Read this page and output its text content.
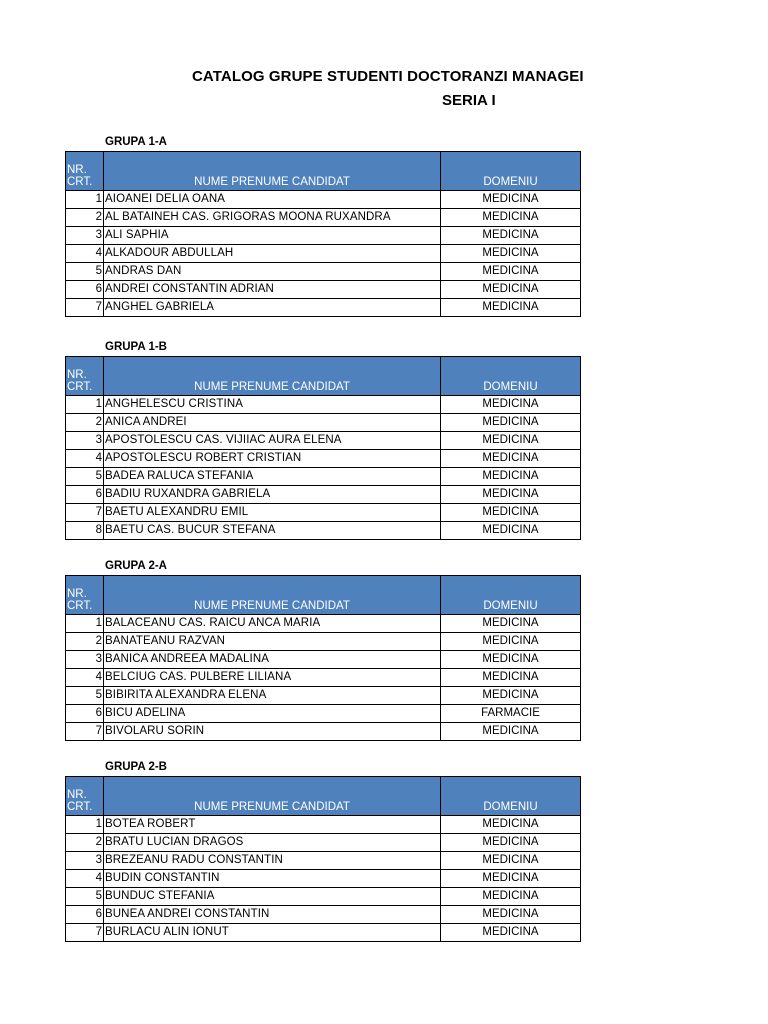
CATALOG GRUPE STUDENTI DOCTORANZI MANAGEI
SERIA I
GRUPA 1-A
NR.
CRT.	NUME PRENUME CANDIDAT	DOMENIU
1	AIOANEI DELIA OANA	MEDICINA
2	AL BATAINEH CAS. GRIGORAS MOONA RUXANDRA	MEDICINA
3	ALI SAPHIA	MEDICINA
4	ALKADOUR ABDULLAH	MEDICINA
5	ANDRAS DAN	MEDICINA
6	ANDREI CONSTANTIN ADRIAN	MEDICINA
7	ANGHEL GABRIELA	MEDICINA
GRUPA 1-B
NR.
CRT.	NUME PRENUME CANDIDAT	DOMENIU
1	ANGHELESCU CRISTINA	MEDICINA
2	ANICA ANDREI	MEDICINA
3	APOSTOLESCU CAS. VIJIIAC AURA ELENA	MEDICINA
4	APOSTOLESCU ROBERT CRISTIAN	MEDICINA
5	BADEA RALUCA STEFANIA	MEDICINA
6	BADIU RUXANDRA GABRIELA	MEDICINA
7	BAETU ALEXANDRU EMIL	MEDICINA
8	BAETU CAS. BUCUR STEFANA	MEDICINA
GRUPA 2-A
NR.
CRT.	NUME PRENUME CANDIDAT	DOMENIU
1	BALACEANU CAS. RAICU ANCA MARIA	MEDICINA
2	BANATEANU RAZVAN	MEDICINA
3	BANICA ANDREEA MADALINA	MEDICINA
4	BELCIUG CAS. PULBERE LILIANA	MEDICINA
5	BIBIRITA ALEXANDRA ELENA	MEDICINA
6	BICU ADELINA	FARMACIE
7	BIVOLARU SORIN	MEDICINA
GRUPA 2-B
NR.
CRT.	NUME PRENUME CANDIDAT	DOMENIU
1	BOTEA ROBERT	MEDICINA
2	BRATU LUCIAN DRAGOS	MEDICINA
3	BREZEANU RADU CONSTANTIN	MEDICINA
4	BUDIN CONSTANTIN	MEDICINA
5	BUNDUC STEFANIA	MEDICINA
6	BUNEA ANDREI CONSTANTIN	MEDICINA
7	BURLACU ALIN IONUT	MEDICINA
